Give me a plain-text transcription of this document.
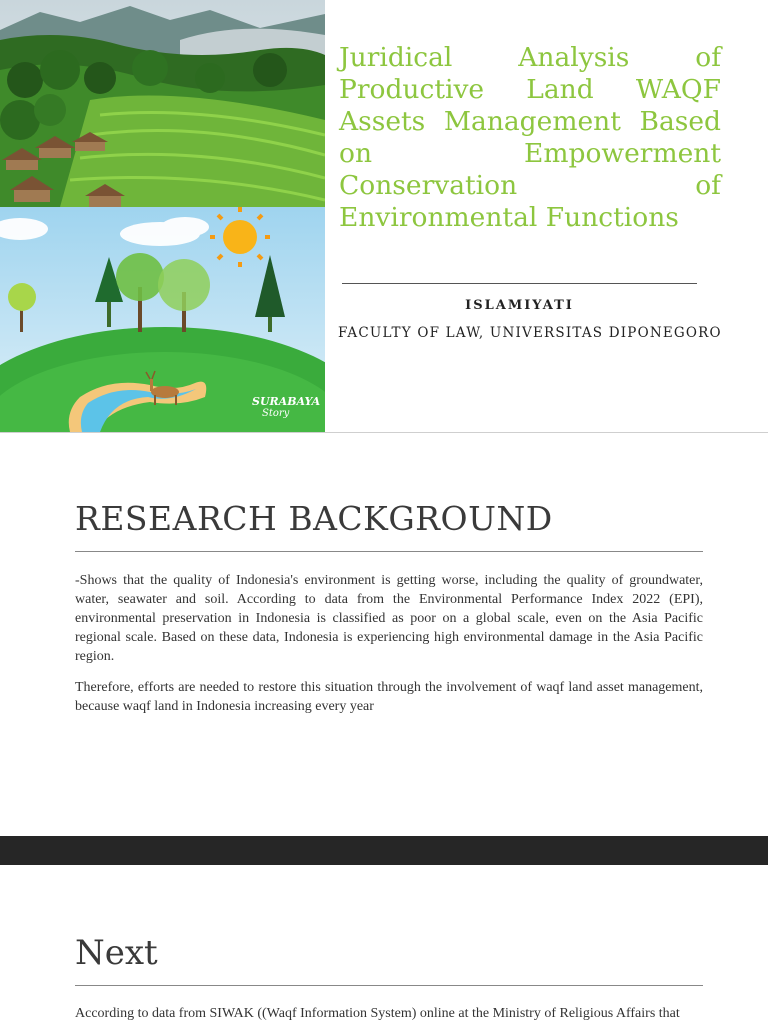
SURABAYA
Story
Juridical Analysis of Productive Land WAQF Assets Management Based on Empowerment Conservation of Environmental Functions

ISLAMIYATI

FACULTY OF LAW, UNIVERSITAS DIPONEGORO

RESEARCH BACKGROUND

-Shows that the quality of Indonesia's environment is getting worse, including the quality of groundwater, water, seawater and soil. According to data from the Environmental Performance Index 2022 (EPI), environmental preservation in Indonesia is classified as poor on a global scale, even on the Asia Pacific regional scale. Based on these data, Indonesia is experiencing high environmental damage in the Asia Pacific region.

Therefore, efforts are needed to restore this situation through the involvement of waqf land asset management, because waqf land in Indonesia increasing every year

Next

According to data from SIWAK ((Waqf Information System) online at the Ministry of Religious Affairs that
